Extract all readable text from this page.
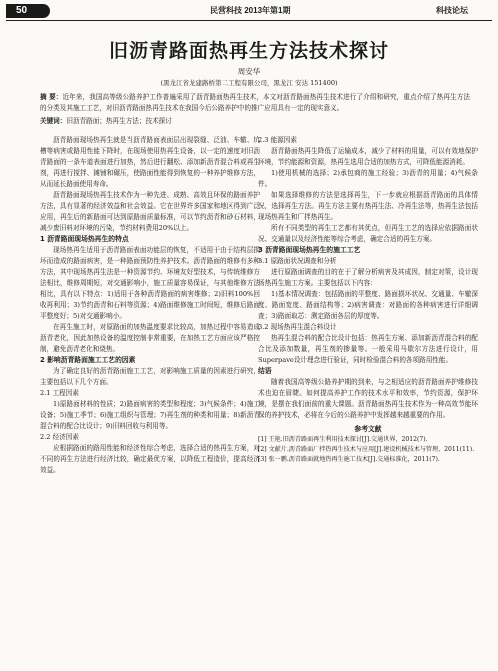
50	民营科技 2013年第1期	科技论坛
旧沥青路面热再生方法技术探讨
周安华
(黑龙江省龙建路桥第二工程有限公司，黑龙江 安达 151400)
摘 要：近年来，我国高等级公路养护工作普遍采用了沥青路面热再生技术，本文对沥青路面热再生技术进行了介绍和研究，重点介绍了热再生方法的分类及其施工工艺，对旧沥青路面热再生技术在我国今后公路养护中的推广应用具有一定的现实意义。
关键词：旧沥青路面；热再生方法；技术探讨

沥青路面现场热再生就是当沥青路面表面层出现裂缝、泛油、车辙、坑槽等病害或路用性能下降时，在现场使用热再生设备，以一定的速度对旧沥青路面的一条车道表面进行加热，然后进行翻松、添加新沥青混合料或再生剂，再进行搅拌、摊铺和碾压，使路面性能得到恢复的一种养护维修方法，从而延长路面使用寿命。

沥青路面现场热再生技术作为一种先进、成熟、高效且环保的路面养护方法，具有显著的经济效益和社会效益。它在世界许多国家和地区得到广泛应用，再生后的新路面可达到原路面质量标准，可以节约沥青和砂石材料，减少废旧料对环境的污染，节约材料费用20%以上。

1 沥青路面现场热再生的特点

现场热再生适用于沥青路面表面功能层的恢复，不适用于由于结构层损坏而造成的路面病害，是一种路面预防性养护技术。沥青路面的维修有多种方法，其中现场热再生法是一种资源节约、环境友好型技术，与传统维修方法相比，维修周期短，对交通影响小，施工质量容易保证，与其他维修方法相比，具有以下特点：1)适用于各种沥青路面的病害维修；2)旧料100%回收再利用；3)节约沥青和石料等资源；4)路面维修施工时间短，维修后路面平整度好；5)对交通影响小。

在再生施工时，对原路面的加热温度要求比较高，加热过程中容易造成沥青老化，因此加热设备的温度控制非常重要，在加热工艺方面应该严格控制，避免沥青老化和烧焦。

2 影响沥青路面施工工艺的因素

为了确定良好的沥青路面施工工艺，对影响施工质量的因素进行研究，主要包括以下几个方面。

2.1 工程因素

1)原路面材料的性质；2)路面病害的类型和程度；3)气候条件；4)施工设备；5)施工季节；6)施工组织与管理；7)再生剂的种类和用量；8)新沥青混合料的配合比设计；9)旧料回收与利用等。

2.2 经济因素

应根据路面的路用性能和经济性综合考虑，选择合适的热再生方案，对不同的再生方法进行经济比较，确定最优方案，以降低工程造价，提高经济效益。

2.3 能源因素

沥青路面热再生降低了运输成本，减少了材料的用量，可以有效地保护环境，节约能源和资源，热再生选用合适的加热方式，可降低能源消耗。

1)使用机械的选择；2)承包商的施工经验；3)沥青的用量；4)气候条件。

如果选择维修的方法是选择再生，下一步就应根据沥青路面的具体情况，选择再生方法。再生方法主要有热再生法、冷再生法等，热再生法包括现场热再生和厂拌热再生。

所有不同类型的再生工艺都有其优点，但再生工艺的选择应依据路面状况、交通量以及经济性能等综合考虑，确定合适的再生方案。

3 沥青路面现场热再生的施工工艺
3.1 原路面状况调查和分析

进行原路面调查的目的在于了解分析病害及其成因，制定对策，设计现场热再生施工方案。主要包括以下内容：

1)基本情况调查：包括路面的平整度、路面损坏状况、交通量、车辙深度、路面宽度、路面结构等；2)病害调查：对路面的各种病害进行详细调查；3)路面取芯：测定路面各层的厚度等。

3.2 现场热再生混合料设计

热再生混合料的配合比设计包括：热再生方案、添加新沥青混合料的配合比及添加数量，再生剂的掺量等。一般采用马歇尔方法进行设计，用Superpave设计理念进行验证，同时检验混合料的各项路用性能。

结语

随着我国高等级公路养护期的到来，与之相适应的沥青路面养护维修技术也迫在眉睫。如何提高养护工作的技术水平和效率，节约资源，保护环境，是摆在我们面前的重大课题。沥青路面热再生技术作为一种高效节能环保的养护技术，必将在今后的公路养护中发挥越来越重要的作用。

参考文献
[1] 王艳.旧沥青路面再生利用技术探讨[J].交通世界，2012(7).
[2] 文献片.沥青路面厂拌热再生技术与应用[J].建设机械技术与管理，2011(11).
[3] 张一鹏.沥青路面就地热再生施工技术[J].交通标准化，2011(7).
